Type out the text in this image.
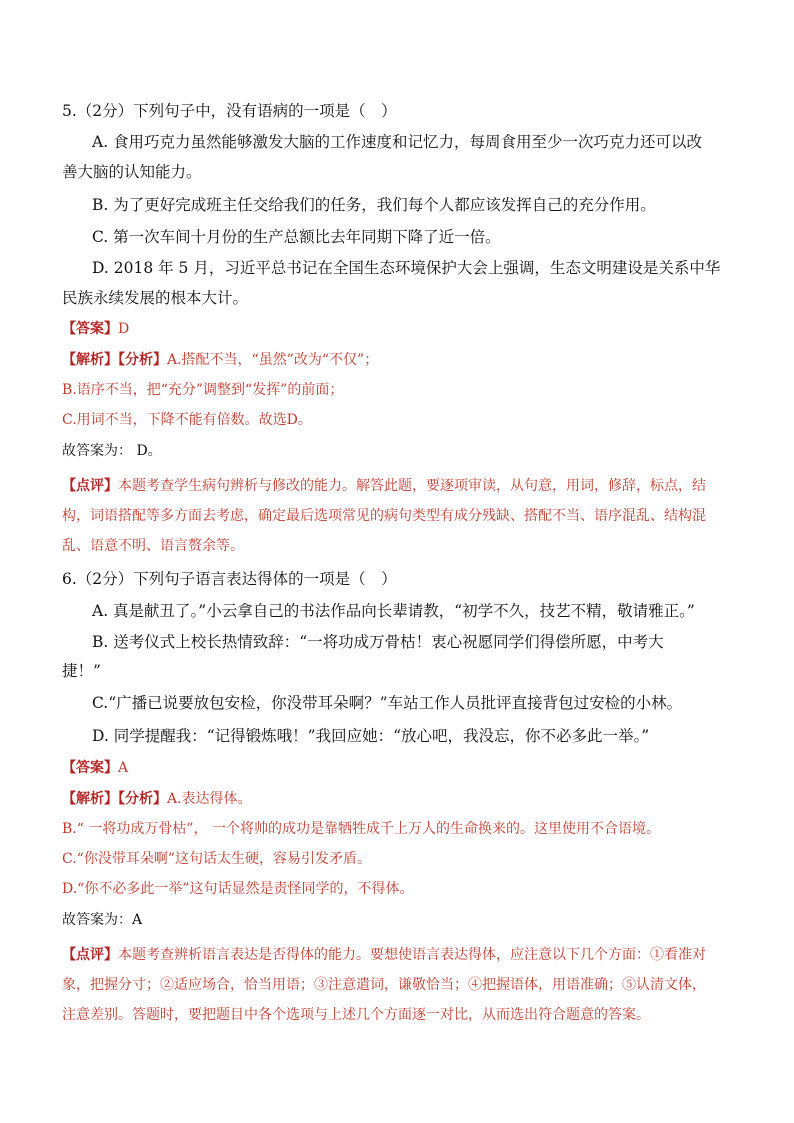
5.（2分）下列句子中，没有语病的一项是（　）
A. 食用巧克力虽然能够激发大脑的工作速度和记忆力，每周食用至少一次巧克力还可以改
善大脑的认知能力。
B. 为了更好完成班主任交给我们的任务，我们每个人都应该发挥自己的充分作用。
C. 第一次车间十月份的生产总额比去年同期下降了近一倍。
D. 2018 年 5 月，习近平总书记在全国生态环境保护大会上强调，生态文明建设是关系中华
民族永续发展的根本大计。
【答案】D
【解析】【分析】A.搭配不当，“虽然”改为“不仅”；
B.语序不当，把“充分”调整到“发挥”的前面；
C.用词不当，下降不能有倍数。故选D。
故答案为： D。
【点评】本题考查学生病句辨析与修改的能力。解答此题，要逐项审读，从句意，用词，修辞，标点，结
构，词语搭配等多方面去考虑，确定最后选项常见的病句类型有成分残缺、搭配不当、语序混乱、结构混
乱、语意不明、语言赘余等。
6.（2分）下列句子语言表达得体的一项是（　）
A. 真是献丑了。”小云拿自己的书法作品向长辈请教，“初学不久，技艺不精，敬请雅正。”
B. 送考仪式上校长热情致辞：“一将功成万骨枯！衷心祝愿同学们得偿所愿，中考大
捷！”
C.“广播已说要放包安检，你没带耳朵啊？”车站工作人员批评直接背包过安检的小林。
D. 同学提醒我：“记得锻炼哦！”我回应她：“放心吧，我没忘，你不必多此一举。”
【答案】A
【解析】【分析】A.表达得体。
B.“ 一将功成万骨枯”， 一个将帅的成功是靠牺牲成千上万人的生命换来的。这里使用不合语境。
C.“你没带耳朵啊”这句话太生硬，容易引发矛盾。
D.“你不必多此一举”这句话显然是责怪同学的，不得体。
故答案为：A
【点评】本题考查辨析语言表达是否得体的能力。要想使语言表达得体，应注意以下几个方面：①看准对
象，把握分寸；②适应场合，恰当用语；③注意遣词，谦敬恰当；④把握语体，用语准确；⑤认清文体，
注意差别。答题时，要把题目中各个选项与上述几个方面逐一对比，从而选出符合题意的答案。
